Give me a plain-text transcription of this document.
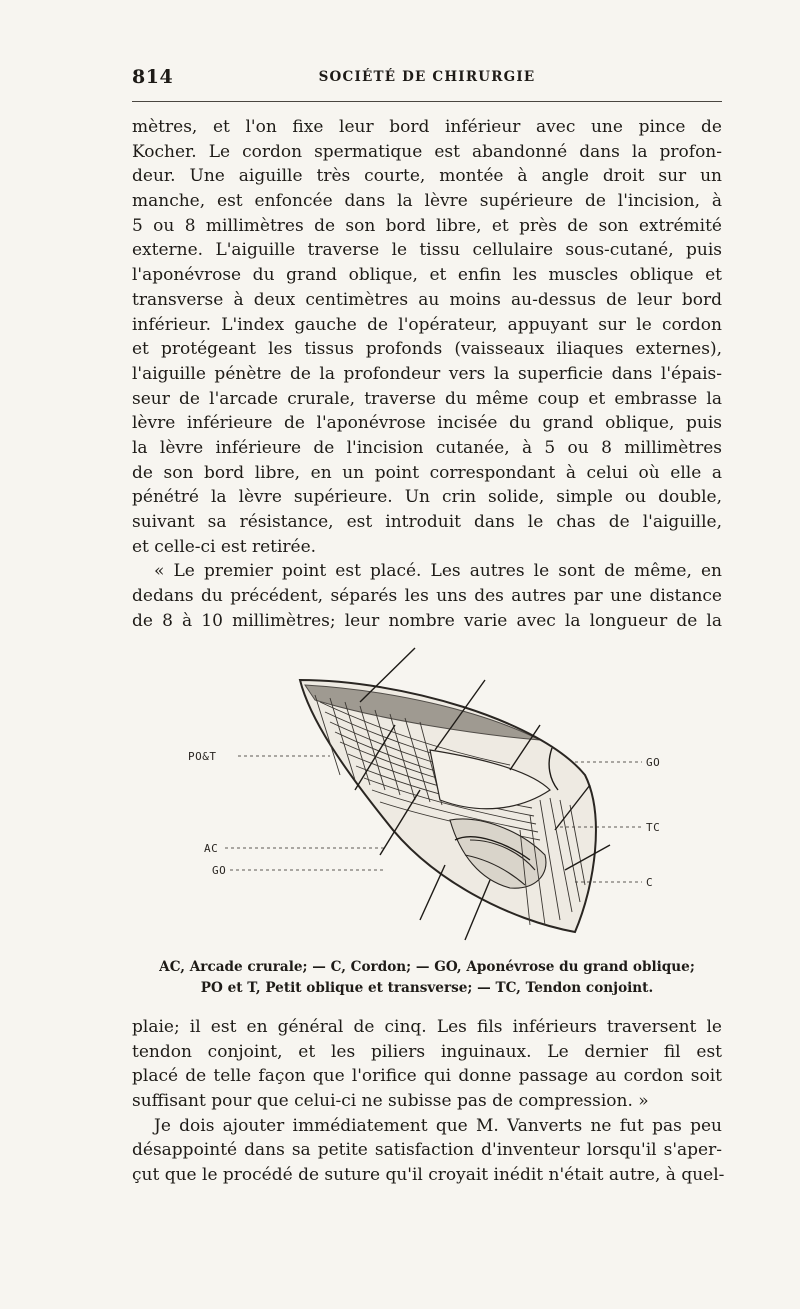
814	SOCIÉTÉ DE CHIRURGIE
mètres, et l'on fixe leur bord inférieur avec une pince de
Kocher. Le cordon spermatique est abandonné dans la profon-
deur. Une aiguille très courte, montée à angle droit sur un
manche, est enfoncée dans la lèvre supérieure de l'incision, à
5 ou 8 millimètres de son bord libre, et près de son extrémité
externe. L'aiguille traverse le tissu cellulaire sous-cutané, puis
l'aponévrose du grand oblique, et enfin les muscles oblique et
transverse à deux centimètres au moins au-dessus de leur bord
inférieur. L'index gauche de l'opérateur, appuyant sur le cordon
et protégeant les tissus profonds (vaisseaux iliaques externes),
l'aiguille pénètre de la profondeur vers la superficie dans l'épais-
seur de l'arcade crurale, traverse du même coup et embrasse la
lèvre inférieure de l'aponévrose incisée du grand oblique, puis
la lèvre inférieure de l'incision cutanée, à 5 ou 8 millimètres
de son bord libre, en un point correspondant à celui où elle a
pénétré la lèvre supérieure. Un crin solide, simple ou double,
suivant sa résistance, est introduit dans le chas de l'aiguille,
et celle-ci est retirée.
« Le premier point est placé. Les autres le sont de même, en
dedans du précédent, séparés les uns des autres par une distance
de 8 à 10 millimètres; leur nombre varie avec la longueur de la
PO&T	GO
TC
AC
GO
C
AC, Arcade crurale; — C, Cordon; — GO, Aponévrose du grand oblique;
PO et T, Petit oblique et transverse; — TC, Tendon conjoint.
plaie; il est en général de cinq. Les fils inférieurs traversent le
tendon conjoint, et les piliers inguinaux. Le dernier fil est
placé de telle façon que l'orifice qui donne passage au cordon soit
suffisant pour que celui-ci ne subisse pas de compression. »
Je dois ajouter immédiatement que M. Vanverts ne fut pas peu
désappointé dans sa petite satisfaction d'inventeur lorsqu'il s'aper-
çut que le procédé de suture qu'il croyait inédit n'était autre, à quel-
